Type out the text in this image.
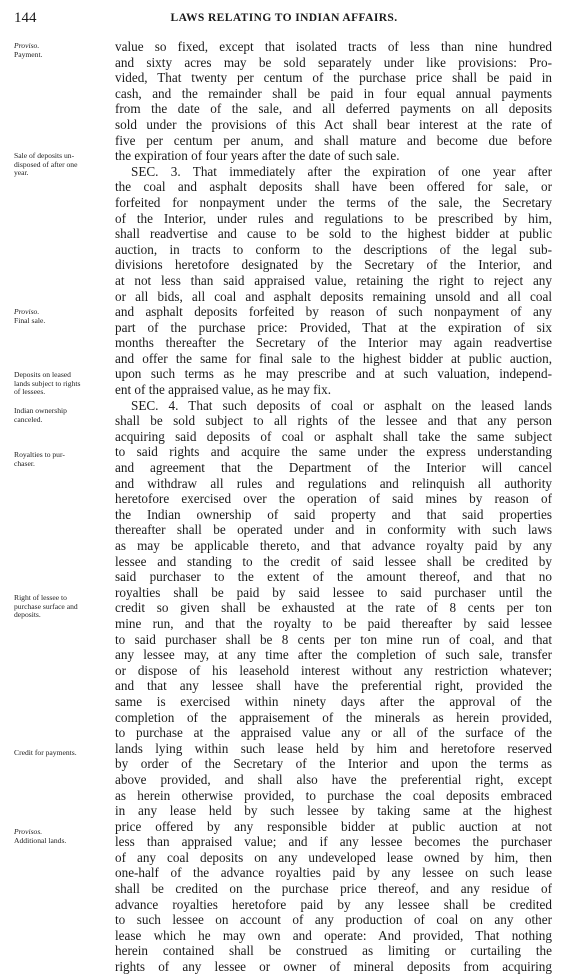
144	LAWS RELATING TO INDIAN AFFAIRS.
Proviso.
Payment.
Sale of deposits un-
disposed of after one
year.
Proviso.
Final sale.
Deposits on leased
lands subject to rights
of lessees.
Indian ownership
canceled.
Royalties to pur-
chaser.
Right of lessee to
purchase surface and
deposits.
Credit for payments.
Provisos.
Additional lands.
value so fixed, except that isolated tracts of less than nine hundred
and sixty acres may be sold separately under like provisions: Pro-
vided, That twenty per centum of the purchase price shall be paid in
cash, and the remainder shall be paid in four equal annual payments
from the date of the sale, and all deferred payments on all deposits
sold under the provisions of this Act shall bear interest at the rate of
five per centum per anum, and shall mature and become due before
the expiration of four years after the date of such sale.
SEC. 3. That immediately after the expiration of one year after
the coal and asphalt deposits shall have been offered for sale, or
forfeited for nonpayment under the terms of the sale, the Secretary
of the Interior, under rules and regulations to be prescribed by him,
shall readvertise and cause to be sold to the highest bidder at public
auction, in tracts to conform to the descriptions of the legal sub-
divisions heretofore designated by the Secretary of the Interior, and
at not less than said appraised value, retaining the right to reject any
or all bids, all coal and asphalt deposits remaining unsold and all coal
and asphalt deposits forfeited by reason of such nonpayment of any
part of the purchase price: Provided, That at the expiration of six
months thereafter the Secretary of the Interior may again readvertise
and offer the same for final sale to the highest bidder at public auction,
upon such terms as he may prescribe and at such valuation, independ-
ent of the appraised value, as he may fix.
SEC. 4. That such deposits of coal or asphalt on the leased lands
shall be sold subject to all rights of the lessee and that any person
acquiring said deposits of coal or asphalt shall take the same subject
to said rights and acquire the same under the express understanding
and agreement that the Department of the Interior will cancel
and withdraw all rules and regulations and relinquish all authority
heretofore exercised over the operation of said mines by reason of
the Indian ownership of said property and that said properties
thereafter shall be operated under and in conformity with such laws
as may be applicable thereto, and that advance royalty paid by any
lessee and standing to the credit of said lessee shall be credited by
said purchaser to the extent of the amount thereof, and that no
royalties shall be paid by said lessee to said purchaser until the
credit so given shall be exhausted at the rate of 8 cents per ton
mine run, and that the royalty to be paid thereafter by said lessee
to said purchaser shall be 8 cents per ton mine run of coal, and that
any lessee may, at any time after the completion of such sale, transfer
or dispose of his leasehold interest without any restriction whatever;
and that any lessee shall have the preferential right, provided the
same is exercised within ninety days after the approval of the
completion of the appraisement of the minerals as herein provided,
to purchase at the appraised value any or all of the surface of the
lands lying within such lease held by him and heretofore reserved
by order of the Secretary of the Interior and upon the terms as
above provided, and shall also have the preferential right, except
as herein otherwise provided, to purchase the coal deposits embraced
in any lease held by such lessee by taking same at the highest
price offered by any responsible bidder at public auction at not
less than appraised value; and if any lessee becomes the purchaser
of any coal deposits on any undeveloped lease owned by him, then
one-half of the advance royalties paid by any lessee on such lease
shall be credited on the purchase price thereof, and any residue of
advance royalties heretofore paid by any lessee shall be credited
to such lessee on account of any production of coal on any other
lease which he may own and operate: And provided, That nothing
herein contained shall be construed as limiting or curtailing the
rights of any lessee or owner of mineral deposits from acquiring
